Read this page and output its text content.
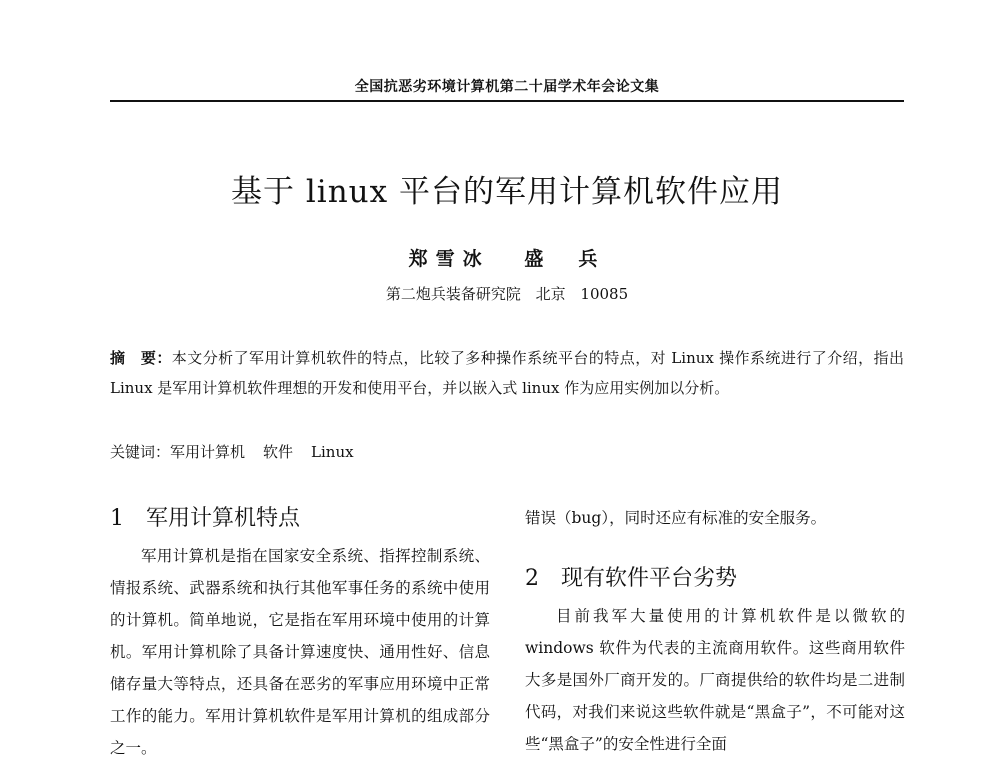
全国抗恶劣环境计算机第二十届学术年会论文集
基于 linux 平台的军用计算机软件应用
郑雪冰 盛　兵
第二炮兵装备研究院 北京 10085
摘　要：本文分析了军用计算机软件的特点，比较了多种操作系统平台的特点，对 Linux 操作系统进行了介绍，指出 Linux 是军用计算机软件理想的开发和使用平台，并以嵌入式 linux 作为应用实例加以分析。
关键词：军用计算机 软件 Linux
1 军用计算机特点

军用计算机是指在国家安全系统、指挥控制系统、情报系统、武器系统和执行其他军事任务的系统中使用的计算机。简单地说，它是指在军用环境中使用的计算机。军用计算机除了具备计算速度快、通用性好、信息储存量大等特点，还具备在恶劣的军事应用环境中正常工作的能力。军用计算机软件是军用计算机的组成部分之一。

错误（bug），同时还应有标准的安全服务。

2 现有软件平台劣势

目前我军大量使用的计算机软件是以微软的 windows 软件为代表的主流商用软件。这些商用软件大多是国外厂商开发的。厂商提供给的软件均是二进制代码，对我们来说这些软件就是“黑盒子”，不可能对这些“黑盒子”的安全性进行全面
